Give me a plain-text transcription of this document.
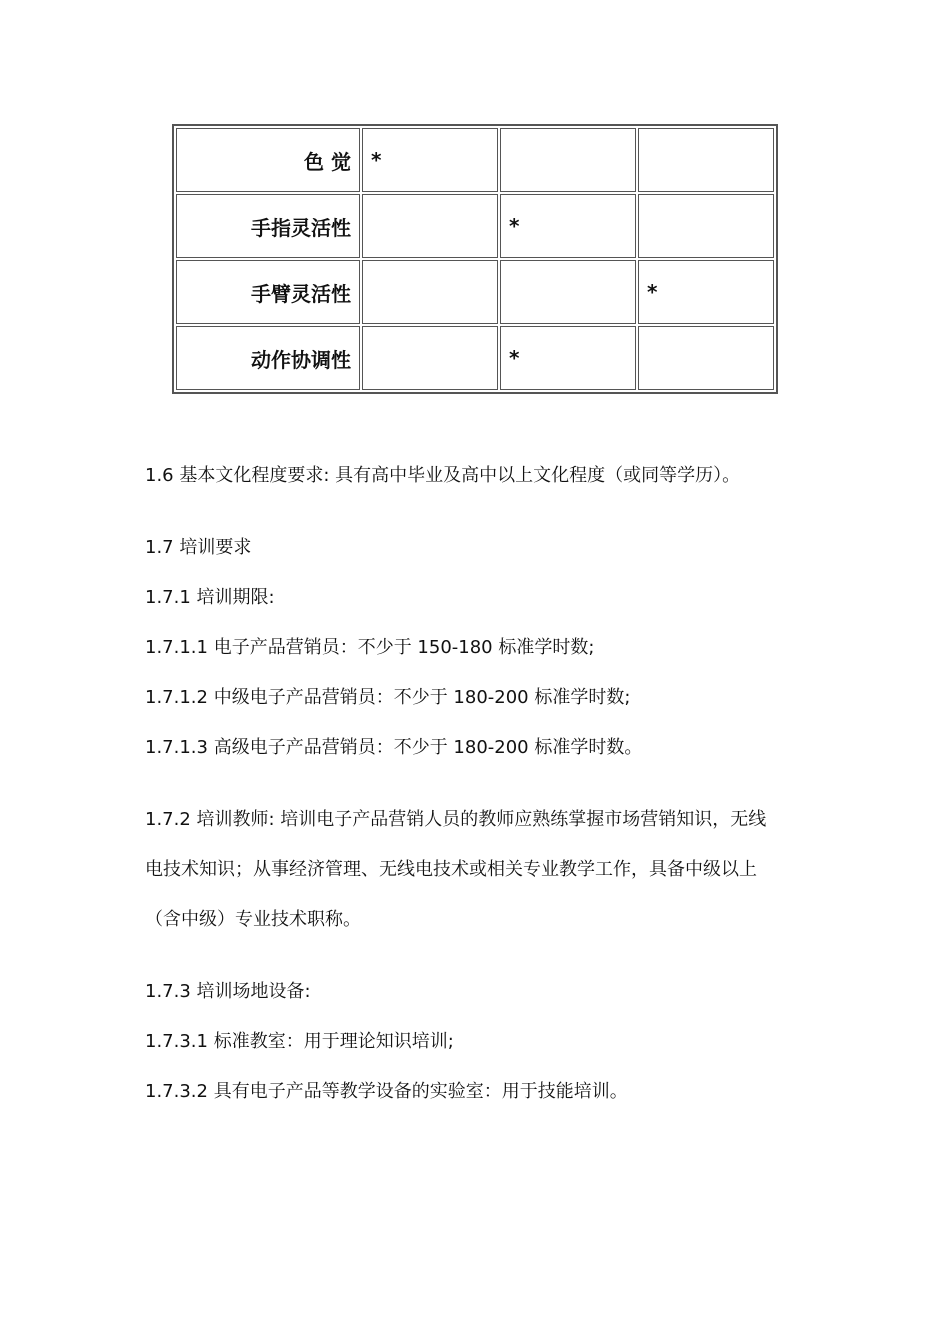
色 觉	*		
手指灵活性		*	
手臂灵活性			*
动作协调性		*	
1.6 基本文化程度要求: 具有高中毕业及高中以上文化程度（或同等学历）。
1.7 培训要求
1.7.1 培训期限:
1.7.1.1 电子产品营销员：不少于 150-180 标准学时数;
1.7.1.2 中级电子产品营销员：不少于 180-200 标准学时数;
1.7.1.3 高级电子产品营销员：不少于 180-200 标准学时数。
1.7.2 培训教师: 培训电子产品营销人员的教师应熟练掌握市场营销知识，无线
电技术知识；从事经济管理、无线电技术或相关专业教学工作，具备中级以上
（含中级）专业技术职称。
1.7.3 培训场地设备:
1.7.3.1 标准教室：用于理论知识培训;
1.7.3.2 具有电子产品等教学设备的实验室：用于技能培训。
